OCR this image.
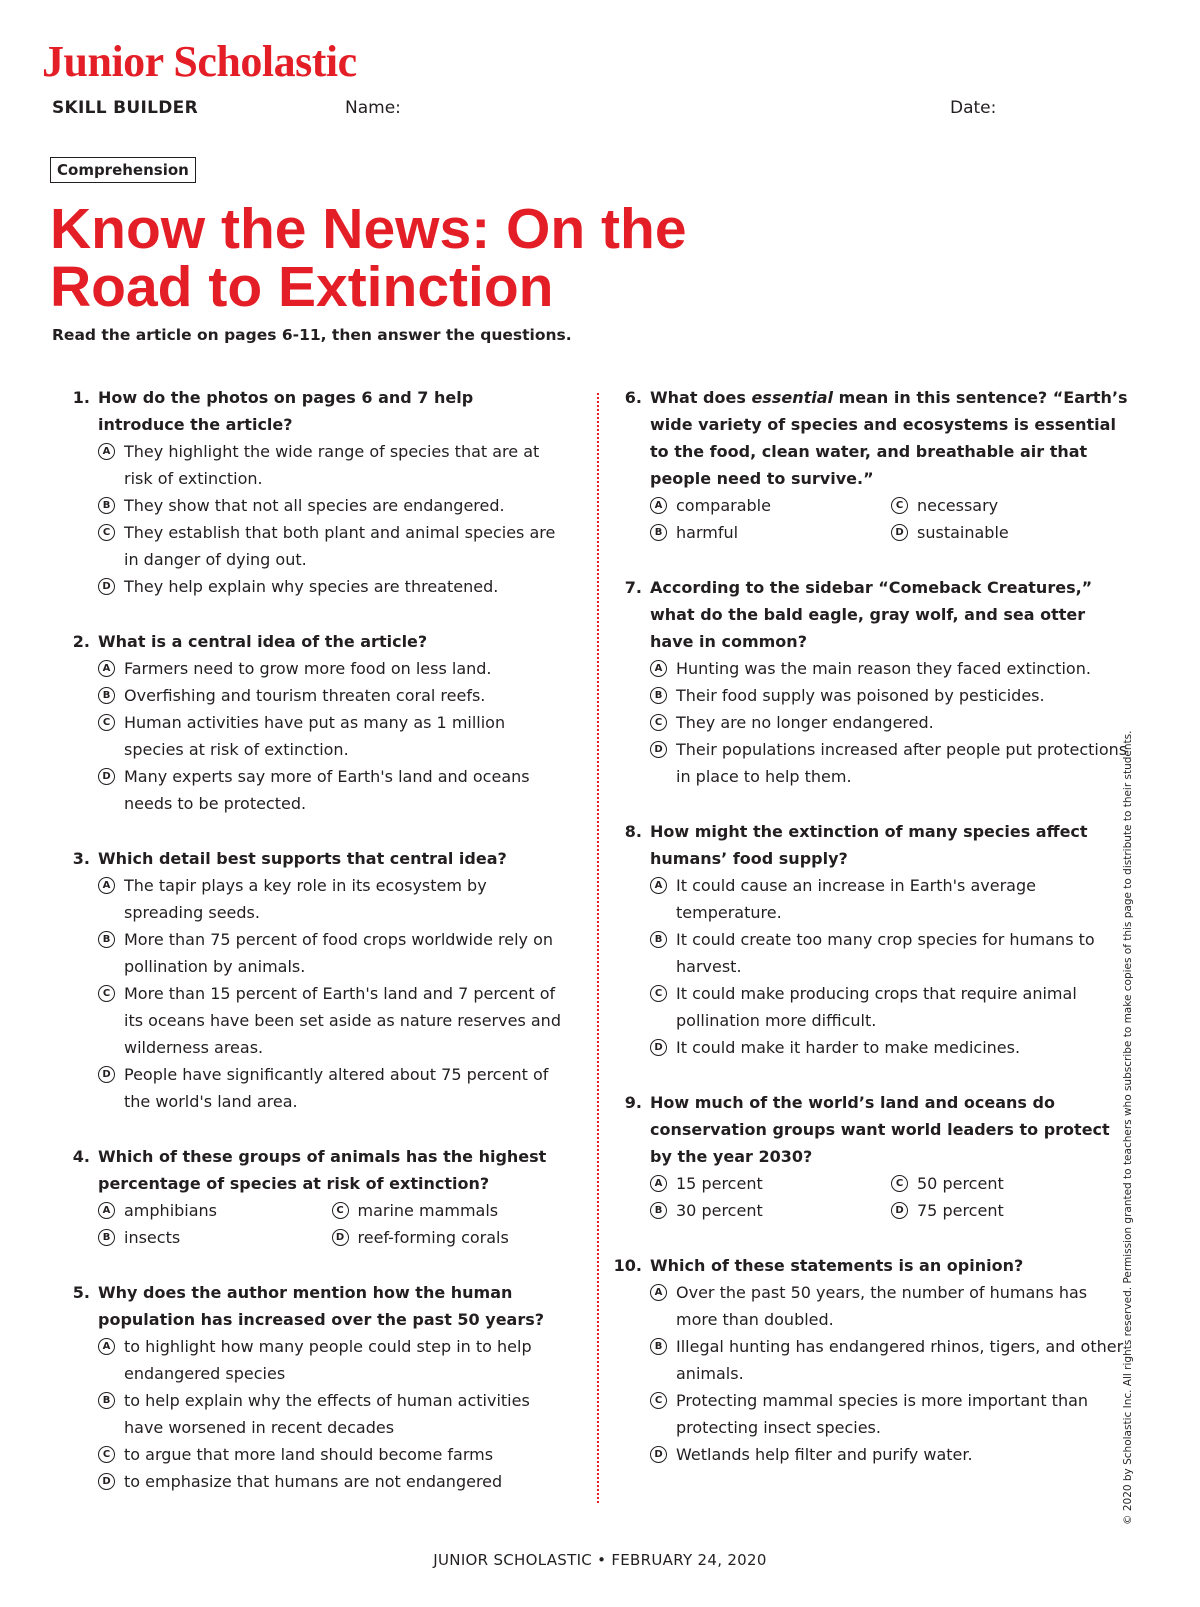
Junior Scholastic
SKILL BUILDER	Name:	Date:
Comprehension
Know the News: On the
Road to Extinction
Read the article on pages 6-11, then answer the questions.
1. How do the photos on pages 6 and 7 help introduce the article?
A They highlight the wide range of species that are at risk of extinction.
B They show that not all species are endangered.
C They establish that both plant and animal species are in danger of dying out.
D They help explain why species are threatened.
2. What is a central idea of the article?
A Farmers need to grow more food on less land.
B Overfishing and tourism threaten coral reefs.
C Human activities have put as many as 1 million species at risk of extinction.
D Many experts say more of Earth's land and oceans needs to be protected.
3. Which detail best supports that central idea?
A The tapir plays a key role in its ecosystem by spreading seeds.
B More than 75 percent of food crops worldwide rely on pollination by animals.
C More than 15 percent of Earth's land and 7 percent of its oceans have been set aside as nature reserves and wilderness areas.
D People have significantly altered about 75 percent of the world's land area.
4. Which of these groups of animals has the highest percentage of species at risk of extinction?
A amphibians	C marine mammals
B insects	D reef-forming corals
5. Why does the author mention how the human population has increased over the past 50 years?
A to highlight how many people could step in to help endangered species
B to help explain why the effects of human activities have worsened in recent decades
C to argue that more land should become farms
D to emphasize that humans are not endangered
6. What does essential mean in this sentence? “Earth’s wide variety of species and ecosystems is essential to the food, clean water, and breathable air that people need to survive.”
A comparable	C necessary
B harmful	D sustainable
7. According to the sidebar “Comeback Creatures,” what do the bald eagle, gray wolf, and sea otter have in common?
A Hunting was the main reason they faced extinction.
B Their food supply was poisoned by pesticides.
C They are no longer endangered.
D Their populations increased after people put protections in place to help them.
8. How might the extinction of many species affect humans’ food supply?
A It could cause an increase in Earth's average temperature.
B It could create too many crop species for humans to harvest.
C It could make producing crops that require animal pollination more difficult.
D It could make it harder to make medicines.
9. How much of the world’s land and oceans do conservation groups want world leaders to protect by the year 2030?
A 15 percent	C 50 percent
B 30 percent	D 75 percent
10. Which of these statements is an opinion?
A Over the past 50 years, the number of humans has more than doubled.
B Illegal hunting has endangered rhinos, tigers, and other animals.
C Protecting mammal species is more important than protecting insect species.
D Wetlands help filter and purify water.
JUNIOR SCHOLASTIC • FEBRUARY 24, 2020
© 2020 by Scholastic Inc. All rights reserved. Permission granted to teachers who subscribe to make copies of this page to distribute to their students.
